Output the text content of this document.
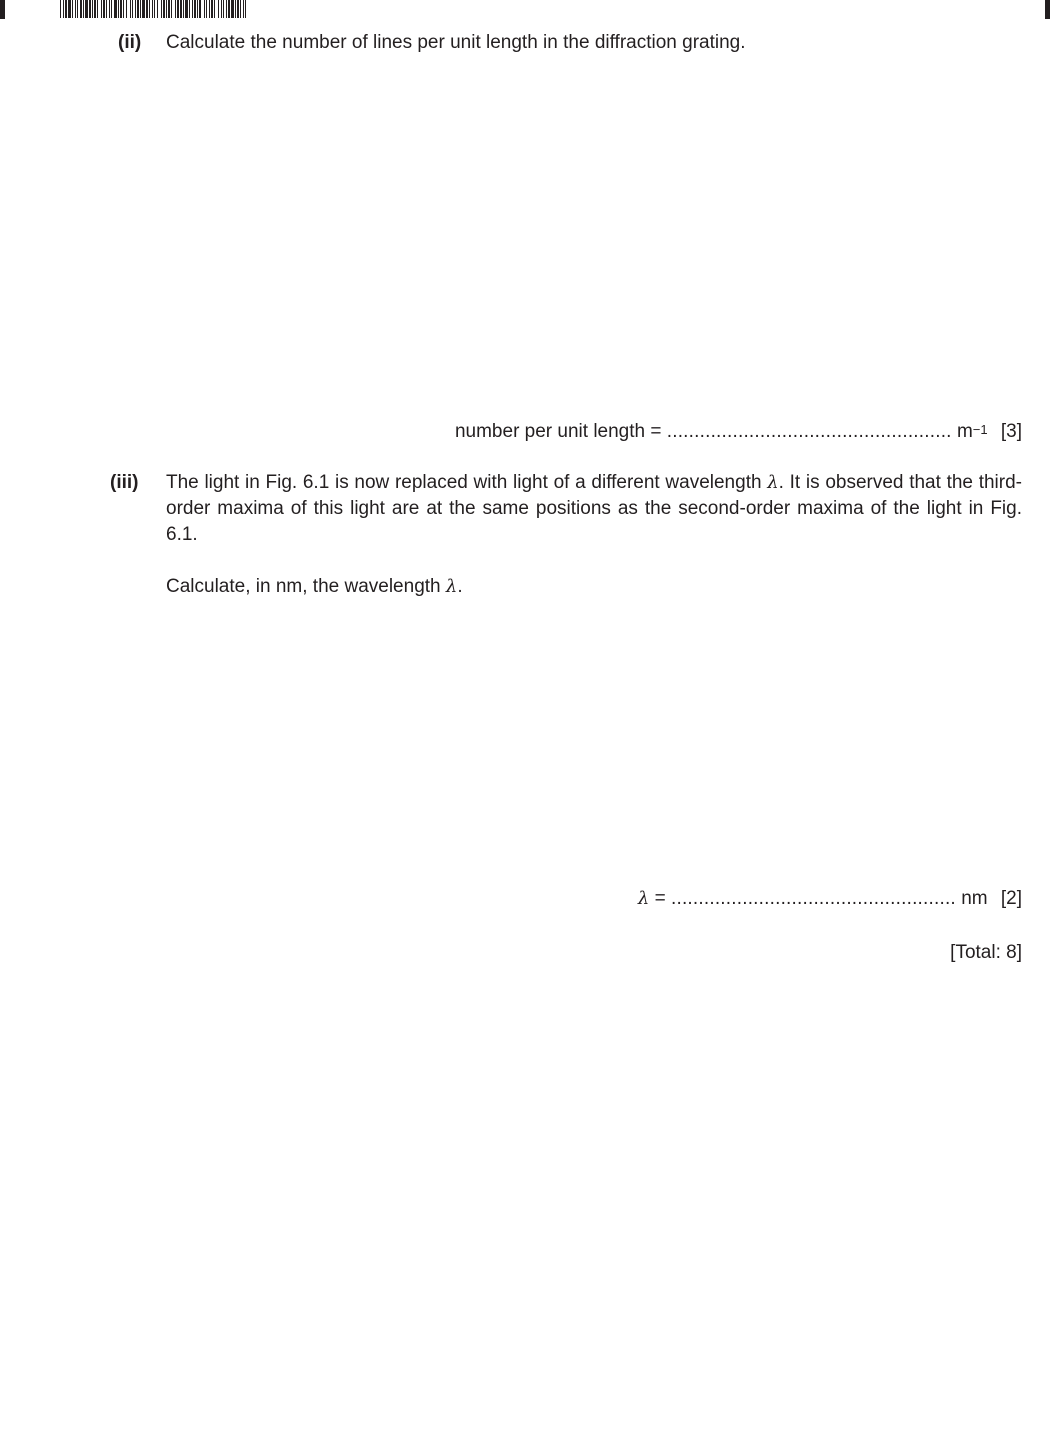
(ii) Calculate the number of lines per unit length in the diffraction grating.
number per unit length = .................................................... $m^{-1}$ [3]
(iii) The light in Fig. 6.1 is now replaced with light of a different wavelength λ. It is observed that the third-order maxima of this light are at the same positions as the second-order maxima of the light in Fig. 6.1.
Calculate, in nm, the wavelength λ.
λ = .................................................... nm [2]
[Total: 8]
